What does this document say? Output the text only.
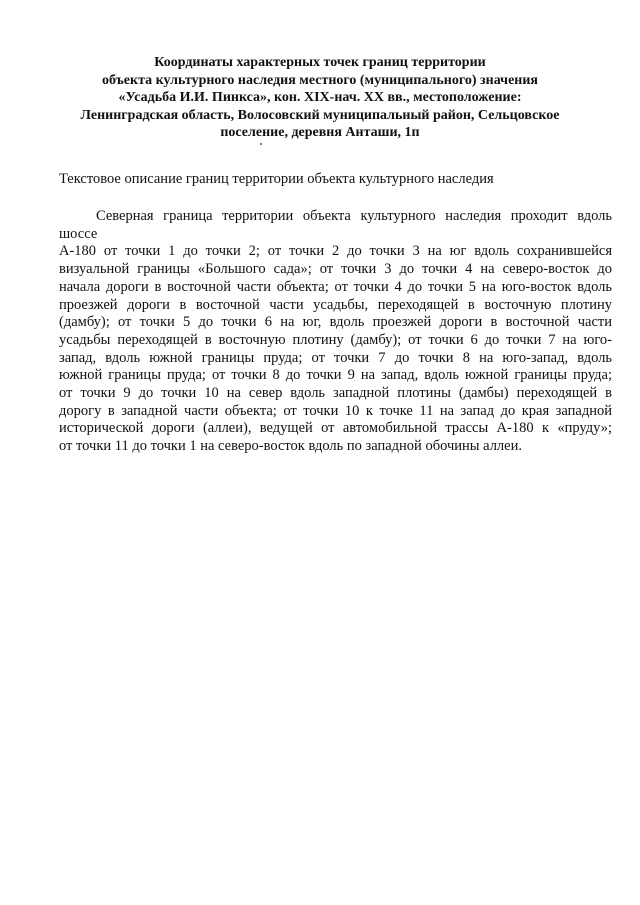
Координаты характерных точек границ территории
объекта культурного наследия местного (муниципального) значения
«Усадьба И.И. Пинкса», кон. XIX-нач. XX вв., местоположение:
Ленинградская область, Волосовский муниципальный район, Сельцовское
поселение, деревня Анташи, 1п

Текстовое описание границ территории объекта культурного наследия

Северная граница территории объекта культурного наследия проходит вдоль
шоссе
А-180 от точки 1 до точки 2; от точки 2 до точки 3 на юг вдоль сохранившейся
визуальной границы «Большого сада»; от точки 3 до точки 4 на северо-восток до
начала дороги в восточной части объекта; от точки 4 до точки 5 на юго-восток вдоль
проезжей дороги в восточной части усадьбы, переходящей в восточную плотину
(дамбу); от точки 5 до точки 6 на юг, вдоль проезжей дороги в восточной части
усадьбы переходящей в восточную плотину (дамбу); от точки 6 до точки 7 на юго-
запад, вдоль южной границы пруда; от точки 7 до точки 8 на юго-запад, вдоль
южной границы пруда; от точки 8 до точки 9 на запад, вдоль южной границы пруда;
от точки 9 до точки 10 на север вдоль западной плотины (дамбы) переходящей в
дорогу в западной части объекта; от точки 10 к точке 11 на запад до края западной
исторической дороги (аллеи), ведущей от автомобильной трассы А-180 к «пруду»;
от точки 11 до точки 1 на северо-восток вдоль по западной обочины аллеи.
